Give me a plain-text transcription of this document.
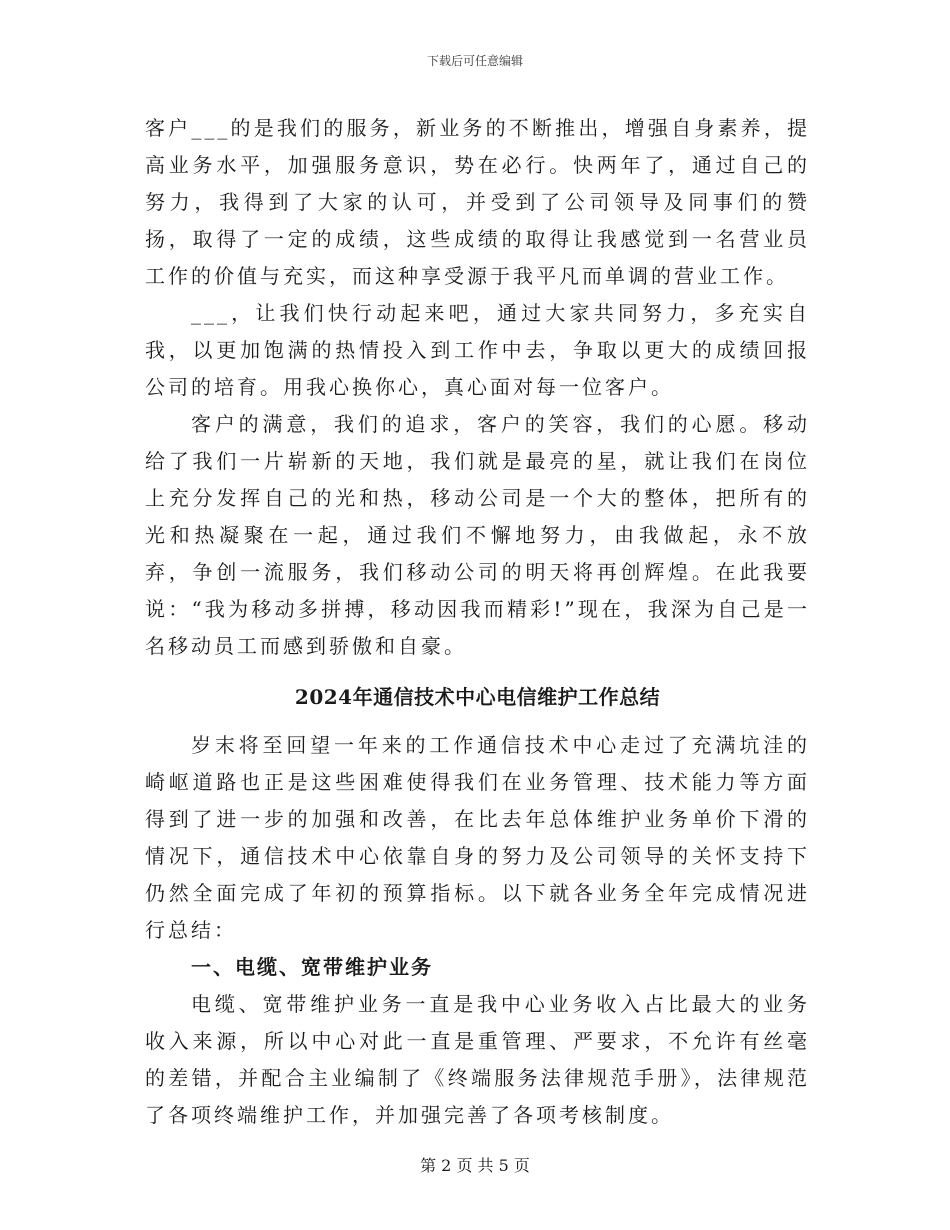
下载后可任意编辑

客户___的是我们的服务，新业务的不断推出，增强自身素养，提高业务水平，加强服务意识，势在必行。快两年了，通过自己的努力，我得到了大家的认可，并受到了公司领导及同事们的赞扬，取得了一定的成绩，这些成绩的取得让我感觉到一名营业员工作的价值与充实，而这种享受源于我平凡而单调的营业工作。

___，让我们快行动起来吧，通过大家共同努力，多充实自我，以更加饱满的热情投入到工作中去，争取以更大的成绩回报公司的培育。用我心换你心，真心面对每一位客户。

客户的满意，我们的追求，客户的笑容，我们的心愿。移动给了我们一片崭新的天地，我们就是最亮的星，就让我们在岗位上充分发挥自己的光和热，移动公司是一个大的整体，把所有的光和热凝聚在一起，通过我们不懈地努力，由我做起，永不放弃，争创一流服务，我们移动公司的明天将再创辉煌。在此我要说：“我为移动多拼搏，移动因我而精彩!”现在，我深为自己是一名移动员工而感到骄傲和自豪。

2024年通信技术中心电信维护工作总结

岁末将至回望一年来的工作通信技术中心走过了充满坑洼的崎岖道路也正是这些困难使得我们在业务管理、技术能力等方面得到了进一步的加强和改善，在比去年总体维护业务单价下滑的情况下，通信技术中心依靠自身的努力及公司领导的关怀支持下仍然全面完成了年初的预算指标。以下就各业务全年完成情况进行总结：

一、电缆、宽带维护业务

电缆、宽带维护业务一直是我中心业务收入占比最大的业务收入来源，所以中心对此一直是重管理、严要求，不允许有丝毫的差错，并配合主业编制了《终端服务法律规范手册》，法律规范了各项终端维护工作，并加强完善了各项考核制度。

第 2 页 共 5 页
